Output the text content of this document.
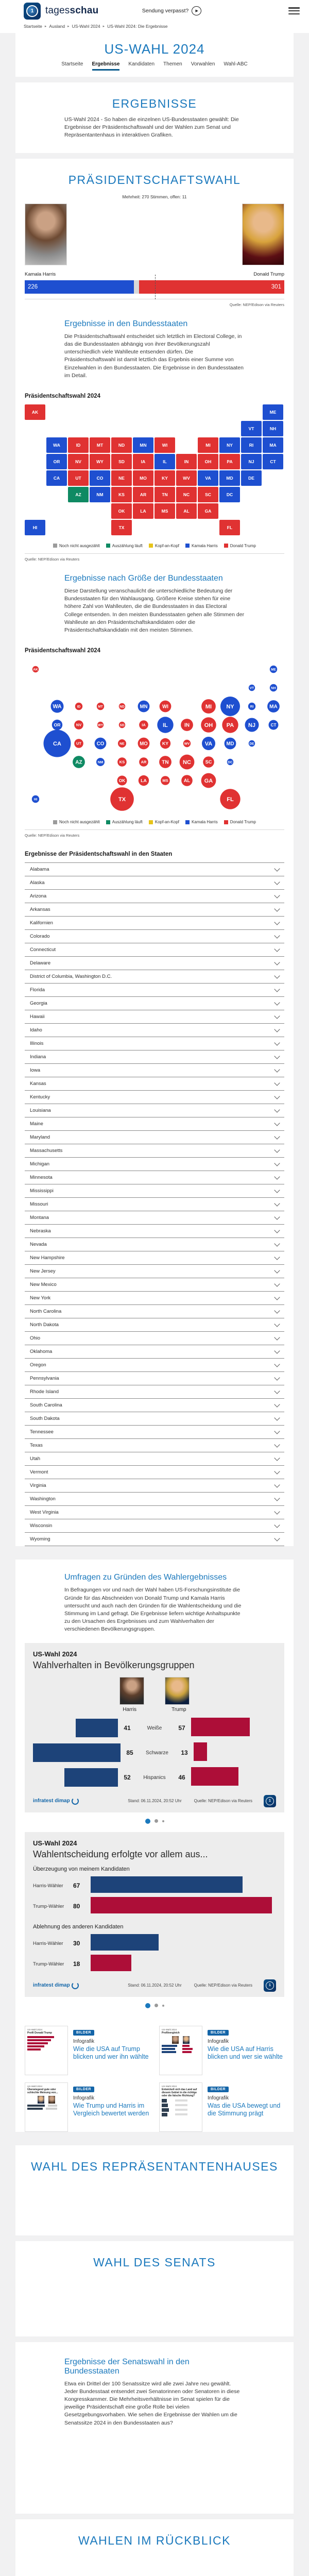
1	tagesschau	Sendung verpasst?	▶
Startseite ▸ Ausland ▸ US-Wahl 2024 ▸ US-Wahl 2024: Die Ergebnisse
US-WAHL 2024
Startseite Ergebnisse Kandidaten Themen Vorwahlen Wahl-ABC
ERGEBNISSE

US-Wahl 2024 - So haben die einzelnen US-Bundesstaaten gewählt: Die Ergebnisse der Präsidentschaftswahl und der Wahlen zum Senat und Repräsentantenhaus in interaktiven Grafiken.

PRÄSIDENTSCHAFTSWAHL
Mehrheit: 270 Stimmen, offen: 11
Kamala Harris	Donald Trump
226	301
Quelle: NEP/Edison via Reuters
Ergebnisse in den Bundesstaaten

Die Präsidentschaftswahl entscheidet sich letztlich im Electoral College, in das die Bundesstaaten abhängig von ihrer Bevölkerungszahl unterschiedlich viele Wahlleute entsenden dürfen. Die Präsidentschaftswahl ist damit letztlich das Ergebnis einer Summe von Einzelwahlen in den Bundesstaaten. Die Ergebnisse in den Bundesstaaten im Detail.

Präsidentschaftswahl 2024
AK	ME
VT	NH
WA	ID	MT	ND	MN	WI	MI	NY	RI	MA
OR	NV	WY	SD	IA	IL	IN	OH	PA	NJ	CT
CA	UT	CO	NE	MO	KY	WV	VA	MD	DE
AZ	NM	KS	AR	TN	NC	SC	DC
OK	LA	MS	AL	GA
HI	TX	FL
Noch nicht ausgezählt	Auszählung läuft	Kopf-an-Kopf	Kamala Harris	Donald Trump
Quelle: NEP/Edison via Reuters
Ergebnisse nach Größe der Bundesstaaten

Diese Darstellung veranschaulicht die unterschiedliche Bedeutung der Bundesstaaten für den Wahlausgang. Größere Kreise stehen für eine höhere Zahl von Wahlleuten, die die Bundesstaaten in das Electoral College entsenden. In den meisten Bundesstaaten gehen alle Stimmen der Wahlleute an den Präsidentschaftskandidaten oder die Präsidentschaftskandidatin mit den meisten Stimmen.

Präsidentschaftswahl 2024
AK	ME
VT	NH
WA	ID	MT	ND	MN	WI	MI	NY	RI	MA
OR	NV	WY	SD	IA	IL	IN	OH PA	NJ	CT
CA	UT	CO	NE	MO	KY	WV	VA	MD	DE
AZ	NM	KS	AR	TN NC	SC	DC
OK	LA	MS	AL	GA
HI	TX	FL
Noch nicht ausgezählt	Auszählung läuft	Kopf-an-Kopf	Kamala Harris	Donald Trump
Quelle: NEP/Edison via Reuters
Ergebnisse der Präsidentschaftswahl in den Staaten
Alabama
Alaska
Arizona
Arkansas
Kalifornien
Colorado
Connecticut
Delaware
District of Columbia, Washington D.C.
Florida
Georgia
Hawaii
Idaho
Illinois
Indiana
Iowa
Kansas
Kentucky
Louisiana
Maine
Maryland
Massachusetts
Michigan
Minnesota
Mississippi
Missouri
Montana
Nebraska
Nevada
New Hampshire
New Jersey
New Mexico
New York
North Carolina
North Dakota
Ohio
Oklahoma
Oregon
Pennsylvania
Rhode Island
South Carolina
South Dakota
Tennessee
Texas
Utah
Vermont
Virginia
Washington
West Virginia
Wisconsin
Wyoming
Umfragen zu Gründen des Wahlergebnisses

In Befragungen vor und nach der Wahl haben US-Forschungsinstitute die Gründe für das Abschneiden von Donald Trump und Kamala Harris untersucht und auch nach den Gründen für die Wahlentscheidung und die Stimmung im Land gefragt. Die Ergebnisse liefern wichtige Anhaltspunkte zu den Ursachen des Ergebnisses und zum Wahlverhalten der verschiedenen Bevölkerungsgruppen.

US-Wahl 2024
Wahlverhalten in Bevölkerungsgruppen
Harris	Trump
41	Weiße	57
85	Schwarze	13
52	Hispanics	46
infratest dimap	Stand: 06.11.2024, 20:52 Uhr	Quelle: NEP/Edison via Reuters	1
US-Wahl 2024
Wahlentscheidung erfolgte vor allem aus...
Überzeugung von meinem Kandidaten
Harris-Wähler	67
Trump-Wähler	80
Ablehnung des anderen Kandidaten
Harris-Wähler	30
Trump-Wähler	18
infratest dimap	Stand: 06.11.2024, 20:52 Uhr	Quelle: NEP/Edison via Reuters	1
US-Wahl 2024
Profil Donald Trump	BILDER
Infografik

Wie die USA auf Trump blicken und wer ihn wählte

US-Wahl 2024
Profilvergleich	BILDER
Infografik

Wie die USA auf Harris blicken und wer sie wählte

US-Wahl 2024
Überwiegend gute oder schlechte Meinung von...
BILDER
Infografik

Wie Trump und Harris im Vergleich bewertet werden

US-Wahl 2024
Entwickelt sich das Land auf diesem Gebiet in die richtige oder die falsche Richtung?
BILDER
Infografik

Was die USA bewegt und die Stimmung prägt

WAHL DES REPRÄSENTANTENHAUSES
WAHL DES SENATS
Ergebnisse der Senatswahl in den Bundesstaaten

Etwa ein Drittel der 100 Senatssitze wird alle zwei Jahre neu gewählt. Jeder Bundesstaat entsendet zwei Senatorinnen oder Senatoren in diese Kongresskammer. Die Mehrheitsverhältnisse im Senat spielen für die jeweilige Präsidentschaft eine große Rolle bei vielen Gesetzgebungsvorhaben. Wie sehen die Ergebnisse der Wahlen um die Senatssitze 2024 in den Bundesstaaten aus?

WAHLEN IM RÜCKBLICK
